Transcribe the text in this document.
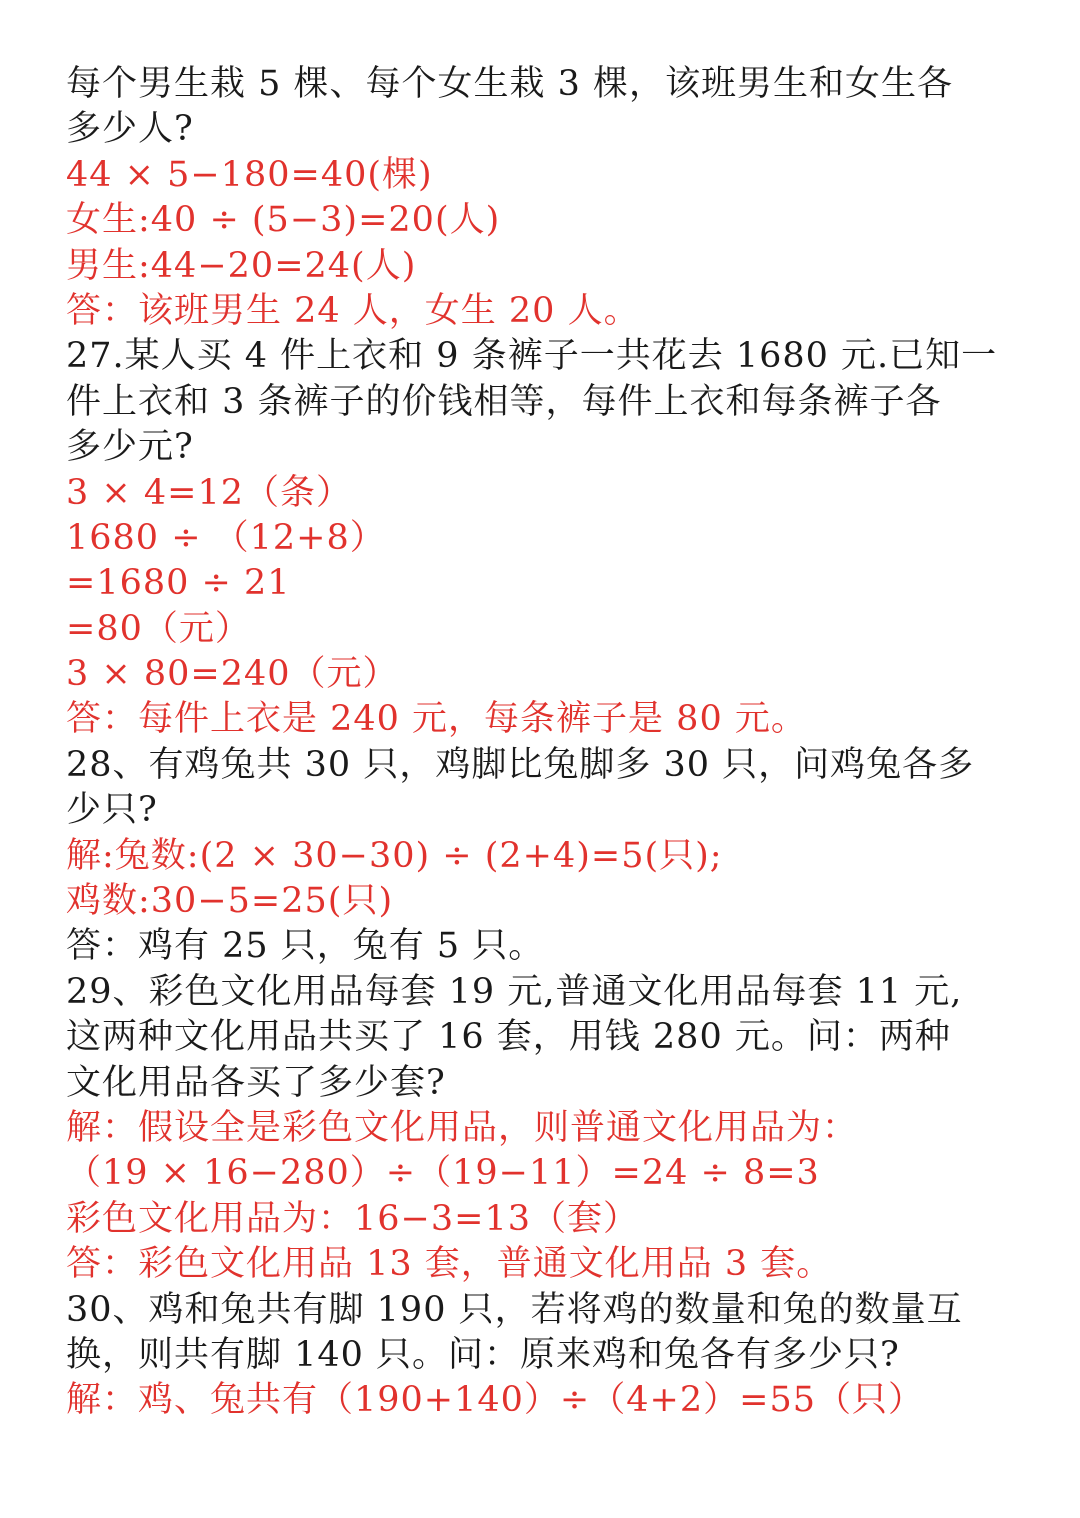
每个男生栽 5 棵、每个女生栽 3 棵，该班男生和女生各
多少人?
44 × 5−180=40(棵)
女生:40 ÷ (5−3)=20(人)
男生:44−20=24(人)
答：该班男生 24 人，女生 20 人。
27.某人买 4 件上衣和 9 条裤子一共花去 1680 元.已知一
件上衣和 3 条裤子的价钱相等，每件上衣和每条裤子各
多少元?
3 × 4=12（条）
1680 ÷ （12+8）
=1680 ÷ 21
=80（元）
3 × 80=240（元）
答：每件上衣是 240 元，每条裤子是 80 元。
28、有鸡兔共 30 只，鸡脚比兔脚多 30 只，问鸡兔各多
少只?
解:兔数:(2 × 30−30) ÷ (2+4)=5(只);
鸡数:30−5=25(只)
答：鸡有 25 只，兔有 5 只。
29、彩色文化用品每套 19 元,普通文化用品每套 11 元,
这两种文化用品共买了 16 套，用钱 280 元。问：两种
文化用品各买了多少套?
解：假设全是彩色文化用品，则普通文化用品为：
（19 × 16−280）÷（19−11）=24 ÷ 8=3
彩色文化用品为：16−3=13（套）
答：彩色文化用品 13 套，普通文化用品 3 套。
30、鸡和兔共有脚 190 只，若将鸡的数量和兔的数量互
换，则共有脚 140 只。问：原来鸡和兔各有多少只?
解：鸡、兔共有（190+140）÷（4+2）=55（只）
